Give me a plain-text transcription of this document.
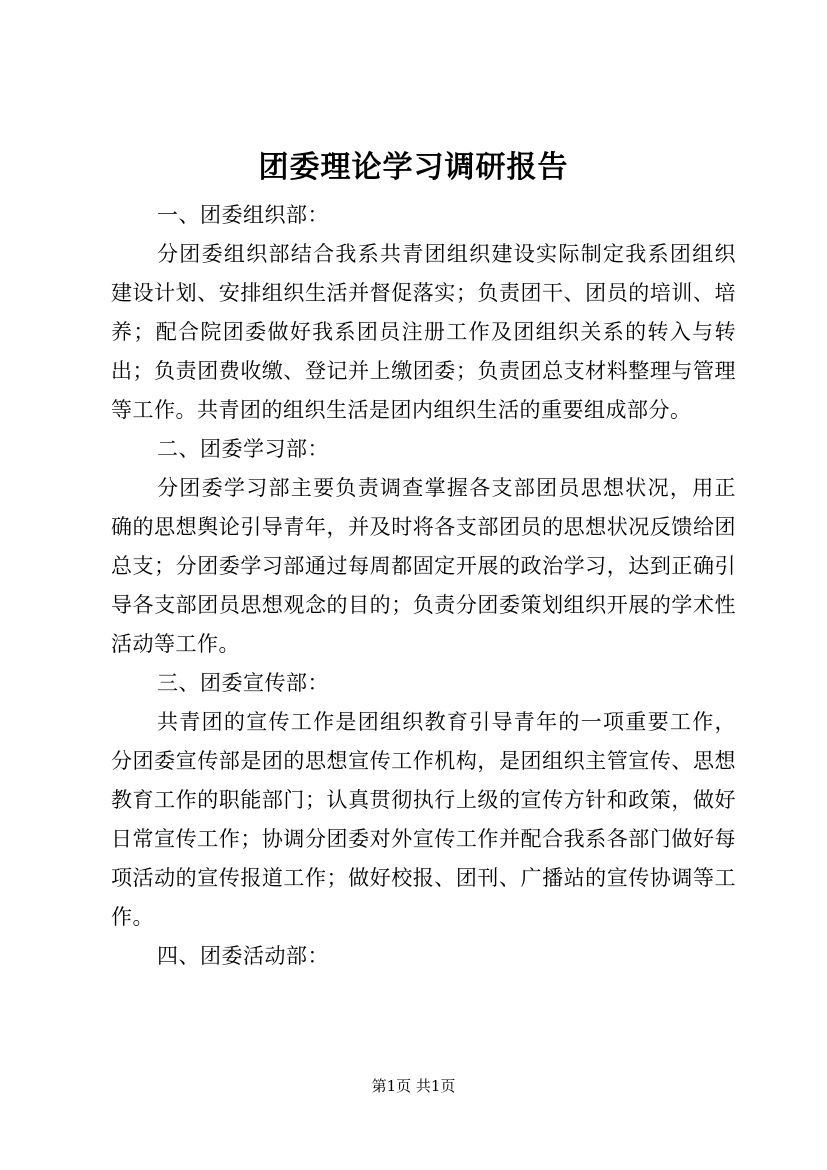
团委理论学习调研报告

一、团委组织部：

分团委组织部结合我系共青团组织建设实际制定我系团组织建设计划、安排组织生活并督促落实；负责团干、团员的培训、培养；配合院团委做好我系团员注册工作及团组织关系的转入与转出；负责团费收缴、登记并上缴团委；负责团总支材料整理与管理等工作。共青团的组织生活是团内组织生活的重要组成部分。

二、团委学习部：

分团委学习部主要负责调查掌握各支部团员思想状况，用正确的思想舆论引导青年，并及时将各支部团员的思想状况反馈给团总支；分团委学习部通过每周都固定开展的政治学习，达到正确引导各支部团员思想观念的目的；负责分团委策划组织开展的学术性活动等工作。

三、团委宣传部：

共青团的宣传工作是团组织教育引导青年的一项重要工作，分团委宣传部是团的思想宣传工作机构，是团组织主管宣传、思想教育工作的职能部门；认真贯彻执行上级的宣传方针和政策，做好日常宣传工作；协调分团委对外宣传工作并配合我系各部门做好每项活动的宣传报道工作；做好校报、团刊、广播站的宣传协调等工作。

四、团委活动部：

第1页 共1页
